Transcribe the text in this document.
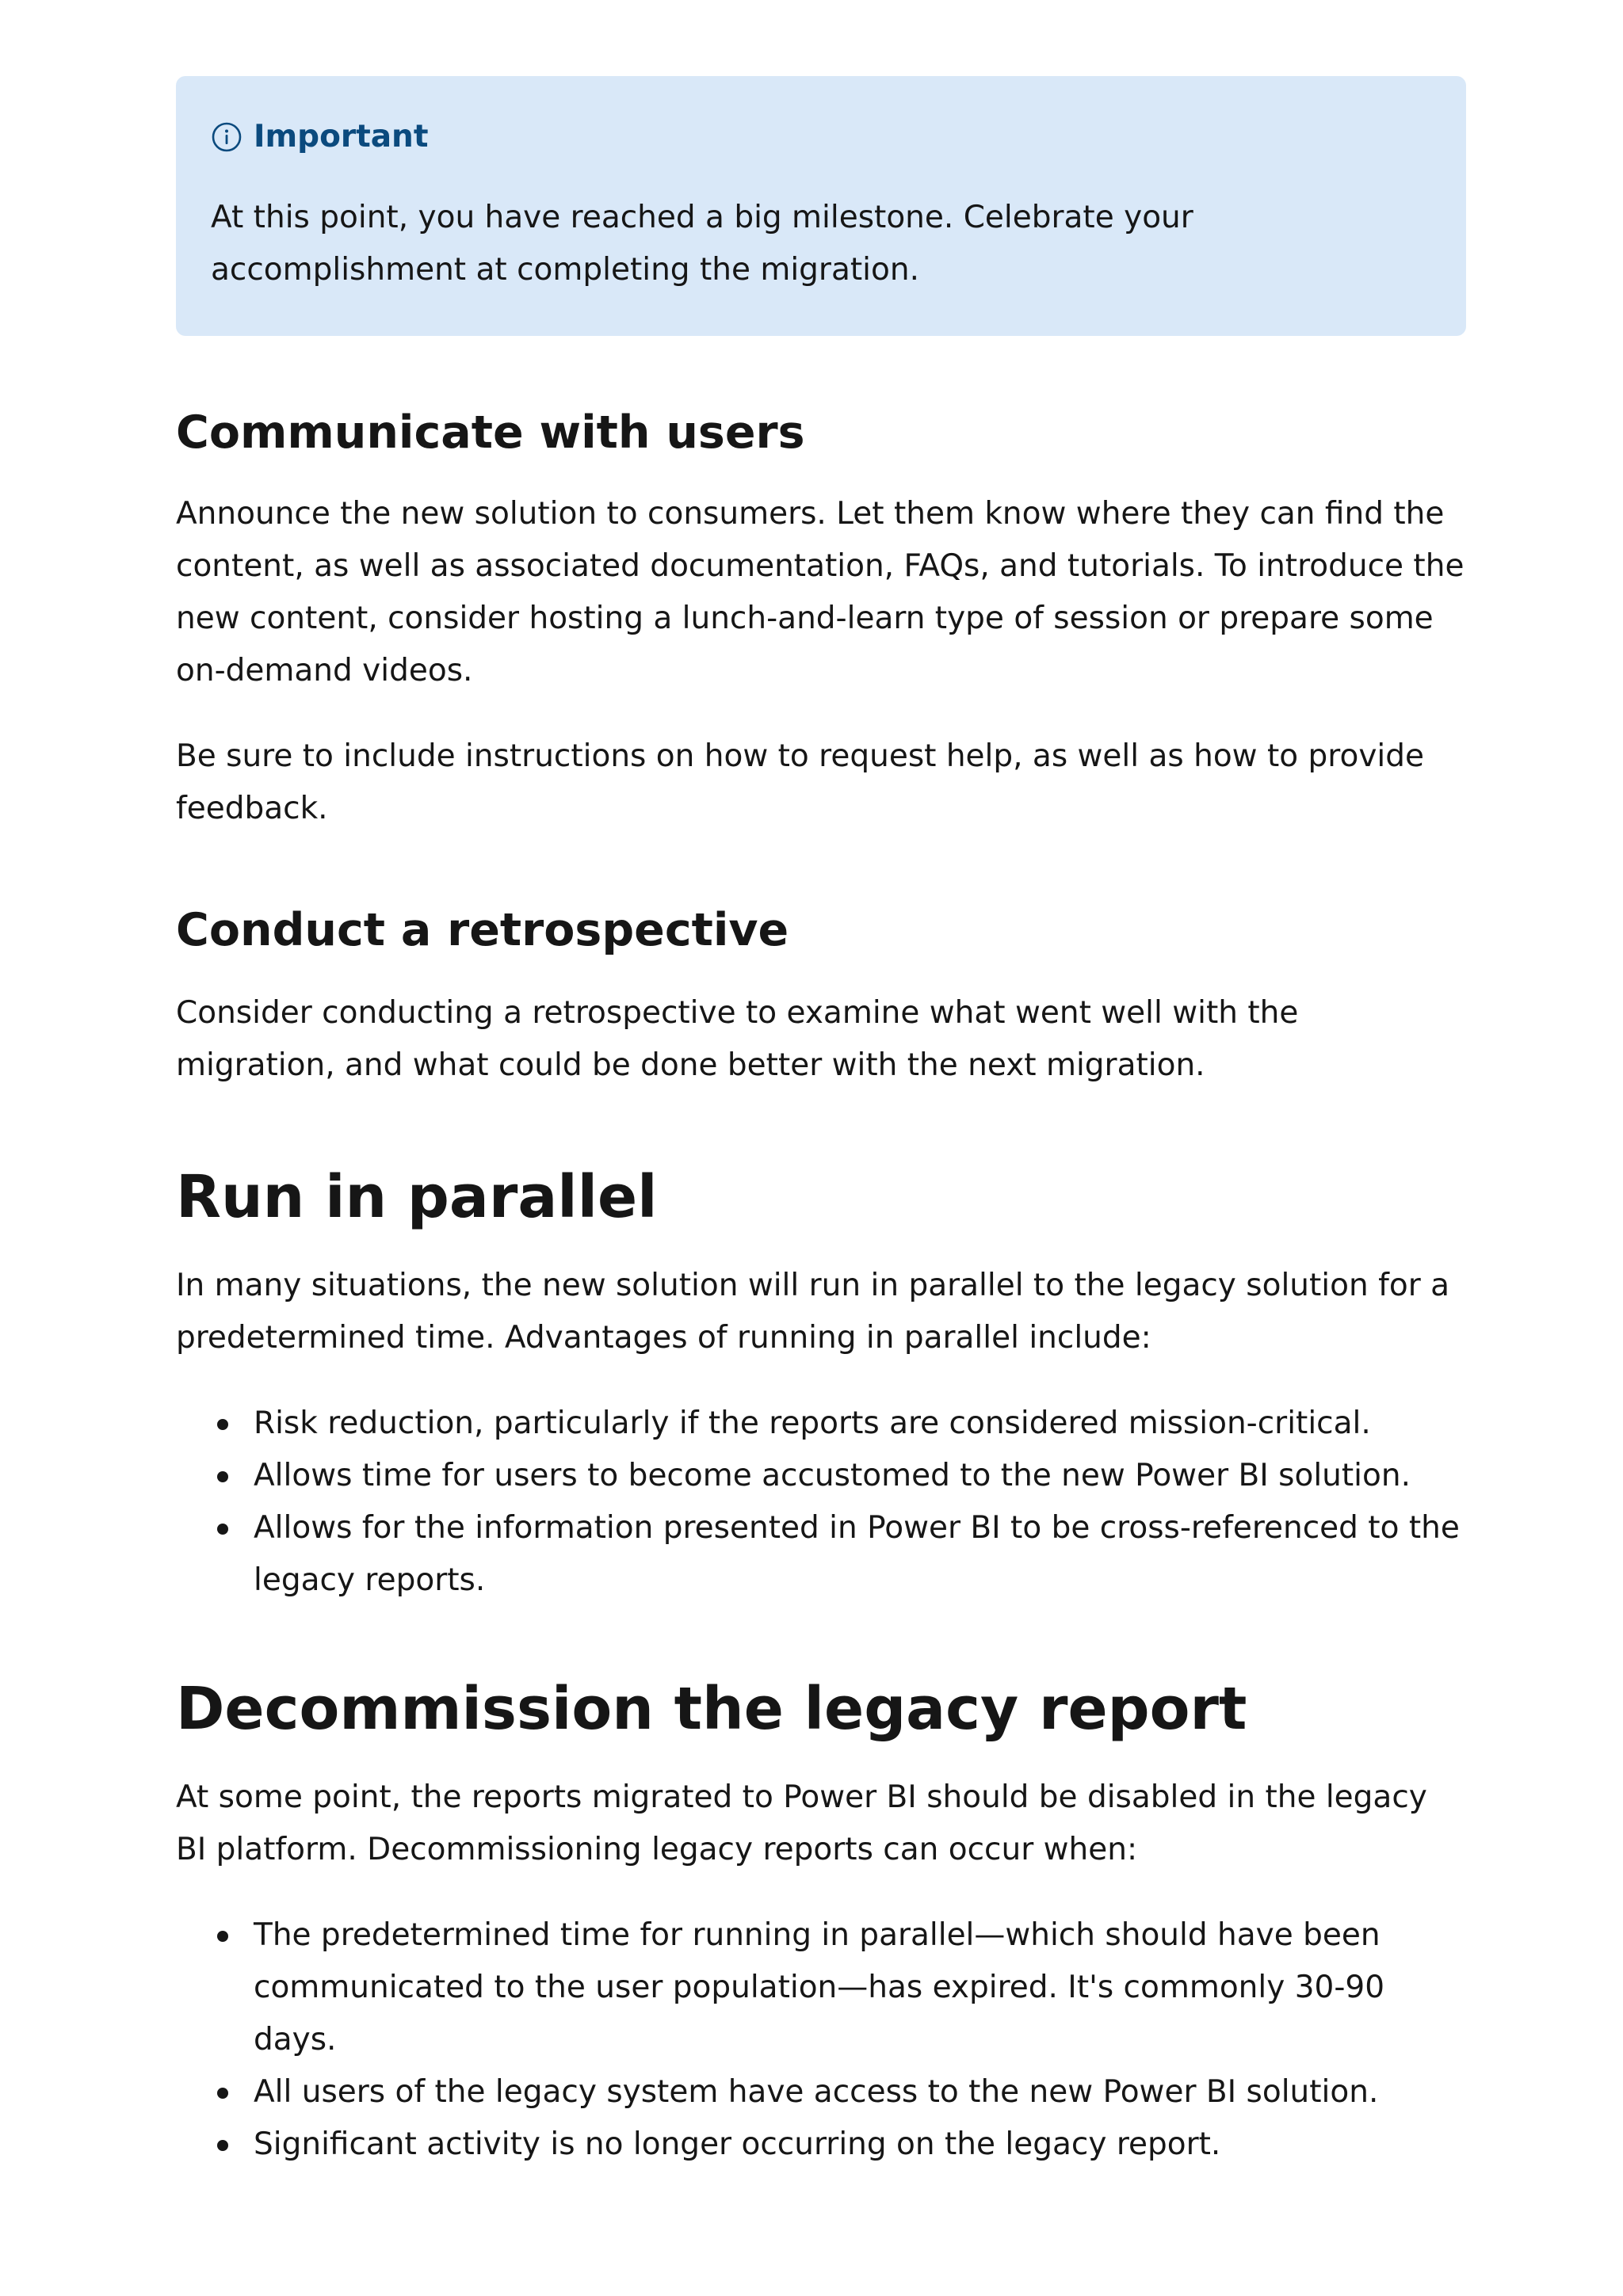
Important

At this point, you have reached a big milestone. Celebrate your accomplishment at completing the migration.

Communicate with users

Announce the new solution to consumers. Let them know where they can find the content, as well as associated documentation, FAQs, and tutorials. To introduce the new content, consider hosting a lunch-and-learn type of session or prepare some on-demand videos.

Be sure to include instructions on how to request help, as well as how to provide feedback.

Conduct a retrospective

Consider conducting a retrospective to examine what went well with the migration, and what could be done better with the next migration.

Run in parallel

In many situations, the new solution will run in parallel to the legacy solution for a predetermined time. Advantages of running in parallel include:

Risk reduction, particularly if the reports are considered mission-critical.
Allows time for users to become accustomed to the new Power BI solution.
Allows for the information presented in Power BI to be cross-referenced to the legacy reports.
Decommission the legacy report

At some point, the reports migrated to Power BI should be disabled in the legacy BI platform. Decommissioning legacy reports can occur when:

The predetermined time for running in parallel—which should have been communicated to the user population—has expired. It's commonly 30-90 days.
All users of the legacy system have access to the new Power BI solution.
Significant activity is no longer occurring on the legacy report.
